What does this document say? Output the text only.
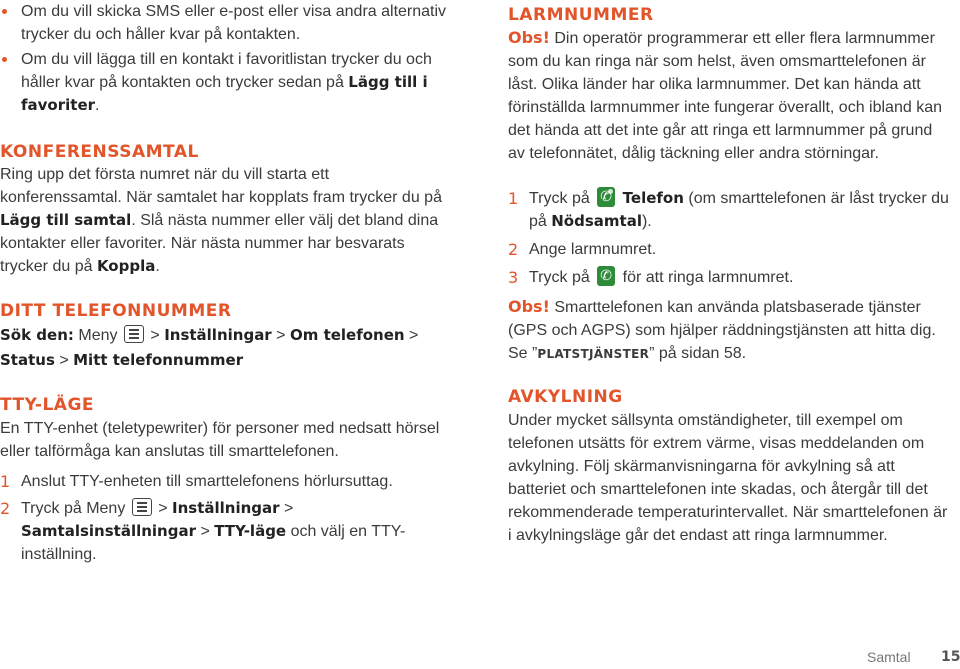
Om du vill skicka SMS eller e-post eller visa andra alternativ trycker du och håller kvar på kontakten.
Om du vill lägga till en kontakt i favoritlistan trycker du och håller kvar på kontakten och trycker sedan på Lägg till i favoriter.
KONFERENSSAMTAL

Ring upp det första numret när du vill starta ett konferenssamtal. När samtalet har kopplats fram trycker du på Lägg till samtal. Slå nästa nummer eller välj det bland dina kontakter eller favoriter. När nästa nummer har besvarats trycker du på Koppla.

DITT TELEFONNUMMER

Sök den: Meny > Inställningar > Om telefonen >
Status > Mitt telefonnummer

TTY-LÄGE

En TTY-enhet (teletypewriter) för personer med nedsatt hörsel eller talförmåga kan anslutas till smarttelefonen.

1 Anslut TTY-enheten till smarttelefonens hörlursuttag.
2 Tryck på Meny
> Inställningar >
Samtalsinställningar > TTY-läge och välj en TTY-inställning.
LARMNUMMER

Obs! Din operatör programmerar ett eller flera larmnummer som du kan ringa när som helst, även omsmarttelefonen är låst. Olika länder har olika larmnummer. Det kan hända att förinställda larmnummer inte fungerar överallt, och ibland kan det hända att det inte går att ringa ett larmnummer på grund av telefonnätet, dålig täckning eller andra störningar.

1 Tryck på ✆ Telefon (om smarttelefonen är låst trycker du på Nödsamtal).
2 Ange larmnumret.
3 Tryck på ✆ för att ringa larmnumret.

Obs! Smarttelefonen kan använda platsbaserade tjänster (GPS och AGPS) som hjälper räddningstjänsten att hitta dig. Se ”PLATSTJÄNSTER” på sidan 58.

AVKYLNING

Under mycket sällsynta omständigheter, till exempel om telefonen utsätts för extrem värme, visas meddelanden om avkylning. Följ skärmanvisningarna för avkylning så att batteriet och smarttelefonen inte skadas, och återgår till det rekommenderade temperaturintervallet. När smarttelefonen är i avkylningsläge går det endast att ringa larmnummer.

Samtal 15
